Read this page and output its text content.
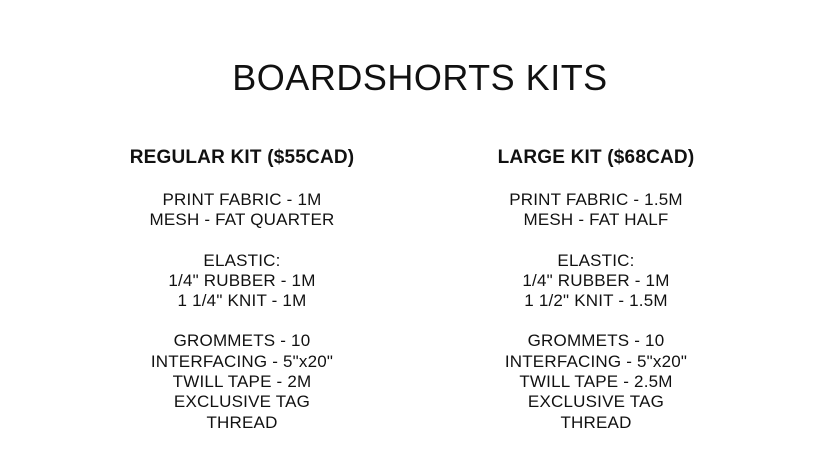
BOARDSHORTS KITS
REGULAR KIT ($55CAD)
PRINT FABRIC - 1M
MESH - FAT QUARTER
ELASTIC:
1/4" RUBBER - 1M
1 1/4" KNIT - 1M
GROMMETS - 10
INTERFACING - 5"x20"
TWILL TAPE - 2M
EXCLUSIVE TAG
THREAD
LARGE KIT ($68CAD)
PRINT FABRIC - 1.5M
MESH - FAT HALF
ELASTIC:
1/4" RUBBER - 1M
1 1/2" KNIT - 1.5M
GROMMETS - 10
INTERFACING - 5"x20"
TWILL TAPE - 2.5M
EXCLUSIVE TAG
THREAD
